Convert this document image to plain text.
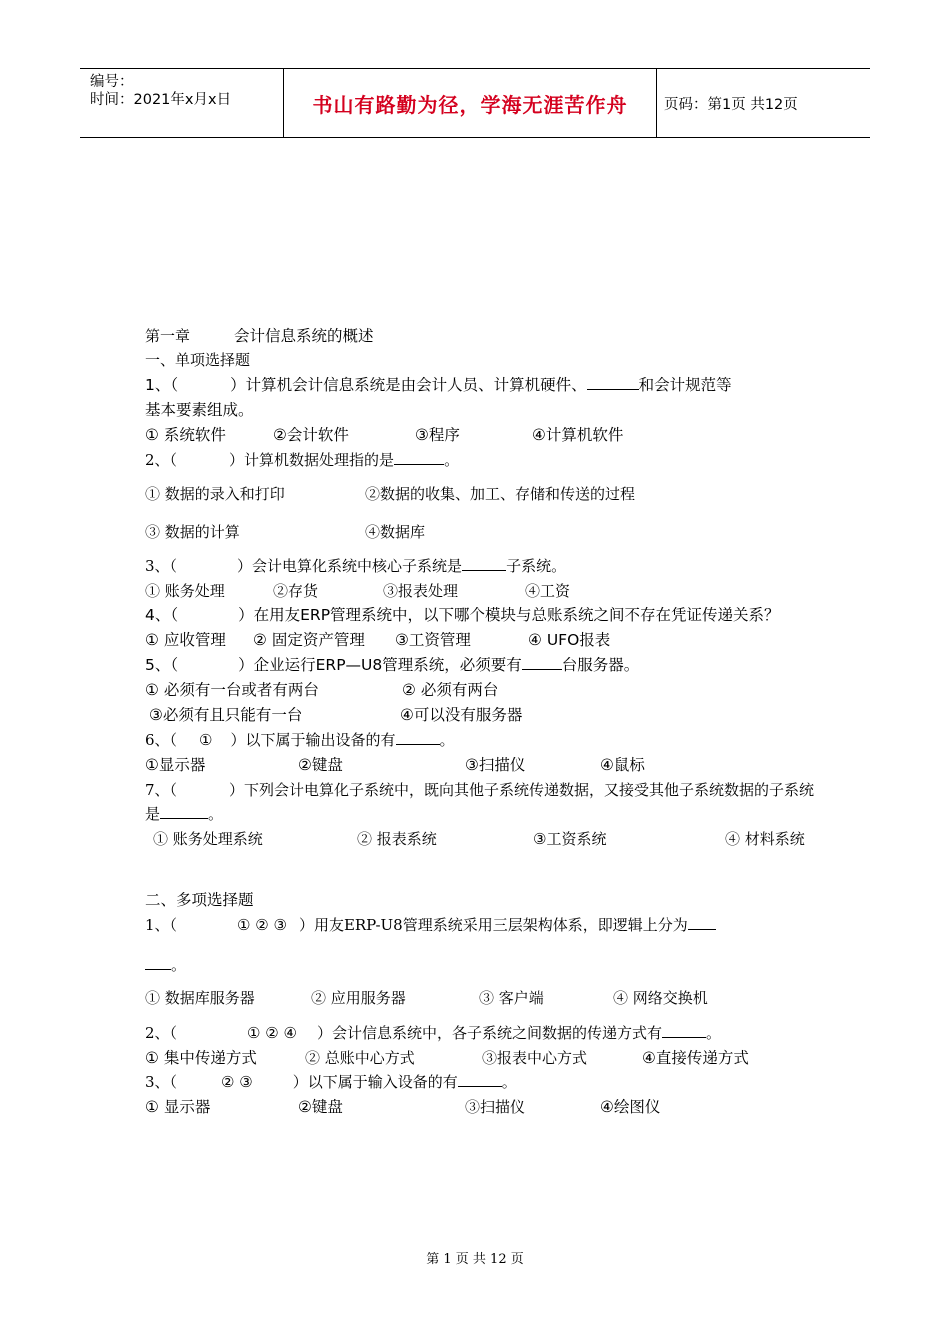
编号：
时间：2021年x月x日	书山有路勤为径，学海无涯苦作舟	页码：第1页 共12页
第一章	会计信息系统的概述
一、单项选择题
1、（	）计算机会计信息系统是由会计人员、计算机硬件、	和会计规范等
基本要素组成。
① 系统软件	②会计软件	③程序	④计算机软件
2、（	）计算机数据处理指的是	。
① 数据的录入和打印	②数据的收集、加工、存储和传送的过程
③ 数据的计算	④数据库
3、（	）会计电算化系统中核心子系统是	子系统。
① 账务处理	②存货	③报表处理	④工资
4、（	）在用友ERP管理系统中，以下哪个模块与总账系统之间不存在凭证传递关系？
① 应收管理 ② 固定资产管理 ③工资管理	④ UFO报表
5、（	）企业运行ERP—U8管理系统，必须要有	台服务器。
① 必须有一台或者有两台	② 必须有两台
③必须有且只能有一台	④可以没有服务器
6、（ ① ）以下属于输出设备的有	。
①显示器	②键盘	③扫描仪	④鼠标
7、（	）下列会计电算化子系统中，既向其他子系统传递数据，又接受其他子系统数据的子系统
是	。
① 账务处理系统	② 报表系统	③工资系统	④ 材料系统
二、多项选择题
1、（	① ② ③ ）用友ERP-U8管理系统采用三层架构体系，即逻辑上分为
。
① 数据库服务器	② 应用服务器	③ 客户端	④ 网络交换机
2、（	① ② ④ ）会计信息系统中，各子系统之间数据的传递方式有	。
① 集中传递方式	② 总账中心方式	③报表中心方式	④直接传递方式
3、（	② ③	）以下属于输入设备的有	。
① 显示器	②键盘	③扫描仪	④绘图仪
第 1 页 共 12 页
